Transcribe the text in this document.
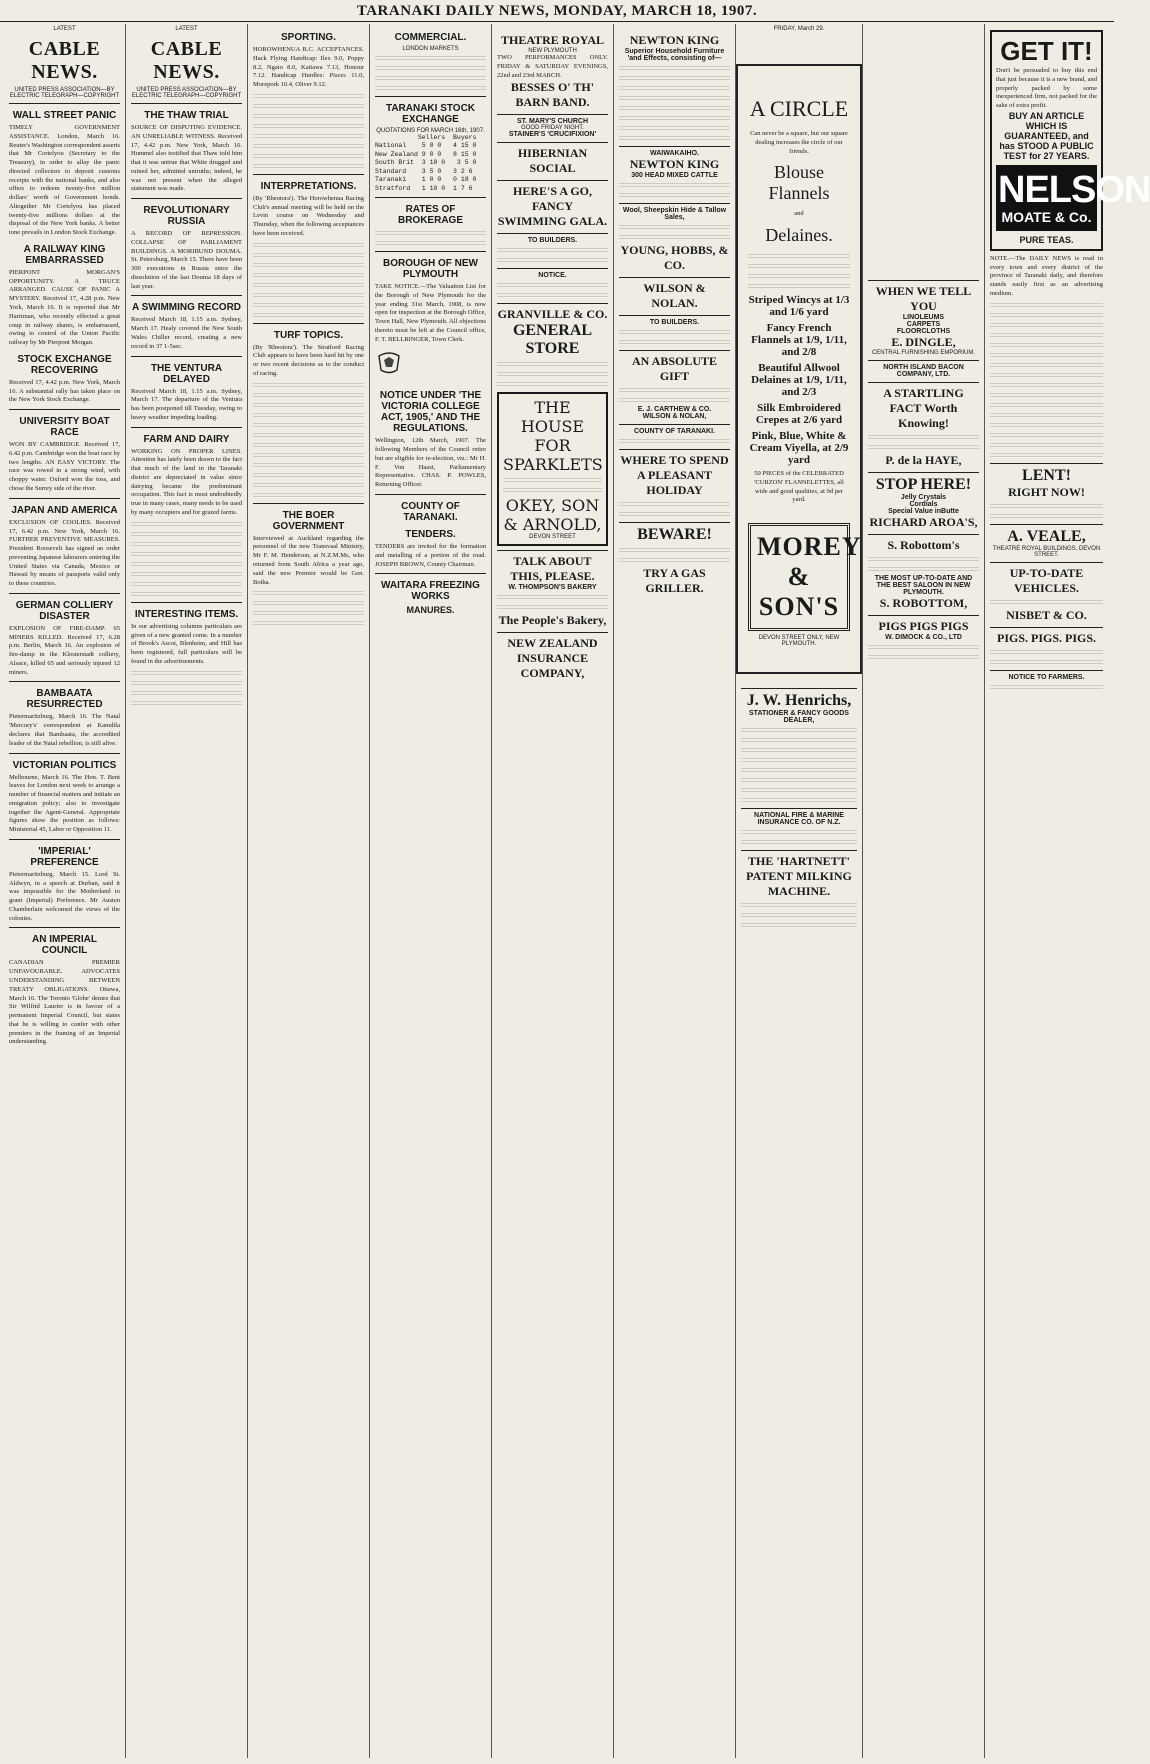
TARANAKI DAILY NEWS, MONDAY, MARCH 18, 1907.
LATEST
CABLE NEWS.
UNITED PRESS ASSOCIATION—BY ELECTRIC TELEGRAPH—COPYRIGHT
WALL STREET PANIC
TIMELY GOVERNMENT ASSISTANCE. London, March 16. Reuter's Washington correspondent asserts that Mr Cortelyou (Secretary to the Treasury), in order to allay the panic directed collectors to deposit customs receipts with the national banks, and also offers to redeem twenty-five million dollars' worth of Government bonds. Altogether Mr Cortelyou has placed twenty-five millions dollars at the disposal of the New York banks. A better tone prevails in London Stock Exchange.
A RAILWAY KING EMBARRASSED
PIERPONT MORGAN'S OPPORTUNITY. A TRUCE ARRANGED. CAUSE OF PANIC A MYSTERY. Received 17, 4.28 p.m. New York, March 16. It is reported that Mr Harriman, who recently effected a great coup in railway shares, is embarrassed, owing to control of the Union Pacific railway by Mr Pierpont Morgan.
STOCK EXCHANGE RECOVERING
Received 17, 4.42 p.m. New York, March 16. A substantial rally has taken place on the New York Stock Exchange.
UNIVERSITY BOAT RACE
WON BY CAMBRIDGE. Received 17, 6.42 p.m. Cambridge won the boat race by two lengths. AN EASY VICTORY. The race was rowed in a strong wind, with choppy water. Oxford won the toss, and chose the Surrey side of the river.
JAPAN AND AMERICA
EXCLUSION OF COOLIES. Received 17, 6.42 p.m. New York, March 16. FURTHER PREVENTIVE MEASURES. President Roosevelt has signed an order preventing Japanese labourers entering the United States via Canada, Mexico or Hawaii by means of passports valid only to these countries.
GERMAN COLLIERY DISASTER
EXPLOSION OF FIRE-DAMP. 65 MINERS KILLED. Received 17, 6.28 p.m. Berlin, March 16. An explosion of fire-damp in the Klosterstadt colliery, Alsace, killed 65 and seriously injured 12 miners.
BAMBAATA RESURRECTED
Pietermaritzburg, March 16. The Natal 'Mercury's' correspondent at Kamdila declares that Bambaata, the accredited leader of the Natal rebellion, is still alive.
VICTORIAN POLITICS
Melbourne, March 16. The Hon. T. Bent leaves for London next week to arrange a number of financial matters and initiate an emigration policy; also to investigate together the Agent-General. Appropriate figures show the position as follows: Ministerial 45, Labor or Opposition 11.
'IMPERIAL' PREFERENCE
Pietermaritzburg, March 15. Lord St. Aldwyn, in a speech at Durban, said it was impossible for the Motherland to grant (Imperial) Preference. Mr Austen Chamberlain welcomed the views of the colonies.
AN IMPERIAL COUNCIL
CANADIAN PREMIER UNFAVOURABLE. ADVOCATES UNDERSTANDING BETWEEN TREATY OBLIGATIONS. Ottawa, March 16. The Toronto 'Globe' denies that Sir Wilfrid Laurier is in favour of a permanent Imperial Council, but states that he is willing to confer with other premiers in the framing of an Imperial understanding.
LATEST
CABLE NEWS.
UNITED PRESS ASSOCIATION—BY ELECTRIC TELEGRAPH—COPYRIGHT
THE THAW TRIAL
SOURCE OF DISPUTING EVIDENCE. AN UNRELIABLE WITNESS. Received 17, 4.42 p.m. New York, March 16. Hummel also testified that Thaw told him that it was untrue that White drugged and ruined her, admitted untruths; indeed, he was not present when the alleged statement was made.
REVOLUTIONARY RUSSIA
A RECORD OF REPRESSION. COLLAPSE OF PARLIAMENT BUILDINGS. A MORIBUND DOUMA. St. Petersburg, March 15. There have been 300 executions in Russia since the dissolution of the last Douma 18 days of last year.
A SWIMMING RECORD
Received March 18, 1.15 a.m. Sydney, March 17. Healy covered the New South Wales Chiller record, creating a new record in 37 1-5sec.
THE VENTURA DELAYED
Received March 18, 1.15 a.m. Sydney, March 17. The departure of the Ventura has been postponed till Tuesday, owing to heavy weather impeding loading.
FARM AND DAIRY
WORKING ON PROPER LINES. Attention has lately been drawn to the fact that much of the land in the Taranaki district are depreciated in value since dairying became the predominant occupation. This fact is most undoubtedly true in many cases, many needs to be used by many occupiers and for grazed farms.
INTERESTING ITEMS.
In our advertising columns particulars are given of a new granted come. In a number of Brook's Ascot, Blenheim, and Hill has been registered, full particulars will be found in the advertisements.
SPORTING.
HOROWHENUA R.C. ACCEPTANCES. Hack Flying Handicap: Ilex 9.0, Poppy 8.2, Ngaio 8.0, Kaitawa 7.13, Honour 7.12. Handicap Hurdles: Pisces 11.0, Morepork 10.4, Oliver 9.12.
INTERPRETATIONS.
(By 'Rheotora'). The Horowhenua Racing Club's annual meeting will be held on the Levin course on Wednesday and Thursday, when the following acceptances have been received.
TURF TOPICS.
(By 'Rheotora'). The Stratford Racing Club appears to have been hard hit by one or two recent decisions as to the conduct of racing.
THE BOER GOVERNMENT
Interviewed at Auckland regarding the personnel of the new Transvaal Ministry, Mr F. M. Henderson, at N.Z.M.Ms, who returned from South Africa a year ago, said the new Premier would be Gen. Botha.
COMMERCIAL.
LONDON MARKETS
TARANAKI STOCK EXCHANGE
QUOTATIONS FOR MARCH 16th, 1907.
Sellers  Buyers
National    5 0 0   4 15 0
New Zealand 9 0 0   8 15 0
South Brit  3 10 0   3 5 0
Standard    3 5 0   3 2 6
Taranaki    1 0 0   0 18 0
Stratford   1 10 0  1 7 6
RATES OF BROKERAGE
BOROUGH OF NEW PLYMOUTH
TAKE NOTICE.—The Valuation List for the Borough of New Plymouth for the year ending 31st March, 1908, is now open for inspection at the Borough Office, Town Hall, New Plymouth. All objections thereto must be left at the Council office, F. T. BELLRINGER, Town Clerk.
NOTICE UNDER 'THE VICTORIA COLLEGE ACT, 1905,' AND THE REGULATIONS.
Wellington, 12th March, 1907. The following Members of the Council retire but are eligible for re-election, viz.: Mr H. F. Von Haast, Parliamentary Representative. CHAS. P. POWLES, Returning Officer.
COUNTY OF TARANAKI.
TENDERS.
TENDERS are invited for the formation and metalling of a portion of the road. JOSEPH BROWN, County Chairman.
WAITARA FREEZING WORKS
MANURES.
THEATRE ROYAL
NEW PLYMOUTH
TWO PERFORMANCES ONLY. FRIDAY & SATURDAY EVENINGS, 22nd and 23rd MARCH.
BESSES O' TH' BARN BAND.
ST. MARY'S CHURCH
GOOD FRIDAY NIGHT.
STAINER'S 'CRUCIFIXION'
HIBERNIAN SOCIAL
HERE'S A GO,
FANCY SWIMMING GALA.
TO BUILDERS.
NOTICE.
GRANVILLE & CO.
GENERAL STORE
THE HOUSE FOR SPARKLETS
OKEY, SON & ARNOLD,
DEVON STREET
TALK ABOUT THIS, PLEASE.
W. THOMPSON'S BAKERY
The People's Bakery,
NEW ZEALAND INSURANCE COMPANY,
NEWTON KING
Superior Household Furniture 'and Effects, consisting of—
WAIWAKAIHO.
NEWTON KING
300 HEAD MIXED CATTLE
Wool, Sheepskin Hide & Tallow Sales,
YOUNG, HOBBS, & CO.
WILSON & NOLAN.
TO BUILDERS.
AN ABSOLUTE GIFT
E. J. CARTHEW & CO.
WILSON & NOLAN,
COUNTY OF TARANAKI.
WHERE TO SPEND A PLEASANT HOLIDAY
BEWARE!
TRY A GAS GRILLER.
FRIDAY, March 29.
A CIRCLE
Can never be a square, but our square dealing increases the circle of our friends.
Blouse Flannels
and
Delaines.
Striped Wincys at 1/3 and 1/6 yard
Fancy French Flannels at 1/9, 1/11, and 2/8
Beautiful Allwool Delaines at 1/9, 1/11, and 2/3
Silk Embroidered Crepes at 2/6 yard
Pink, Blue, White & Cream Viyella, at 2/9 yard
50 PIECES of the CELEBRATED 'CURZON' FLANNELETTES, all wide and good qualities, at 9d per yard.
MOREY & SON'S
DEVON STREET ONLY, NEW PLYMOUTH.
J. W. Henrichs,
STATIONER & FANCY GOODS DEALER,
NATIONAL FIRE & MARINE INSURANCE CO. OF N.Z.
THE 'HARTNETT' PATENT MILKING MACHINE.
WHEN WE TELL YOU
LINOLEUMS
CARPETS
FLOORCLOTHS
E. DINGLE,
CENTRAL FURNISHING EMPORIUM.
NORTH ISLAND BACON COMPANY, LTD.
A STARTLING FACT Worth Knowing!
P. de la HAYE,
STOP HERE!
Jelly Crystals
Cordials
Special Value inButte
RICHARD AROA'S,
S. Robottom's
THE MOST UP-TO-DATE AND THE BEST SALOON IN NEW PLYMOUTH.
S. ROBOTTOM,
PIGS PIGS PIGS
W. DIMOCK & CO., LTD
GET IT!
Don't be persuaded to buy this end that just because it is a new brand, and properly packed by some inexperienced firm, not packed for the sake of extra profit.
BUY AN ARTICLE WHICH IS GUARANTEED, and has STOOD A PUBLIC TEST for 27 YEARS.
NELSON
MOATE & Co.
PURE TEAS.
NOTE.—The DAILY NEWS is read in every town and every district of the province of Taranaki daily, and therefore stands easily first as an advertising medium.
LENT!
RIGHT NOW!
A. VEALE,
THEATRE ROYAL BUILDINGS, DEVON STREET.
UP-TO-DATE VEHICLES.
NISBET & CO.
PIGS. PIGS. PIGS.
NOTICE TO FARMERS.
